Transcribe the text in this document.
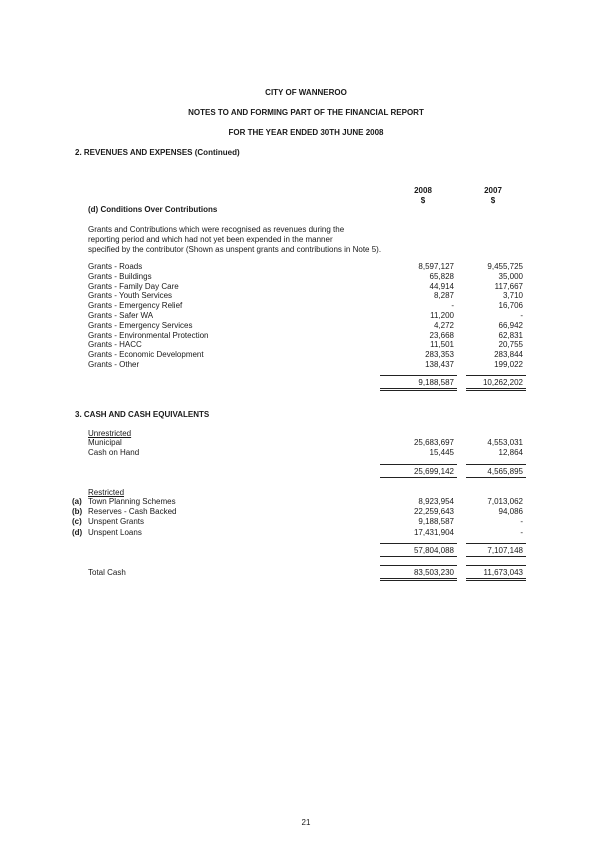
CITY OF WANNEROO
NOTES TO AND FORMING PART OF THE FINANCIAL REPORT
FOR THE YEAR ENDED 30TH JUNE 2008
2. REVENUES AND EXPENSES (Continued)
2008	2007
$	$
(d) Conditions Over Contributions
Grants and Contributions which were recognised as revenues during the
reporting period and which had not yet been expended in the manner
specified by the contributor (Shown as unspent grants and contributions in Note 5).
Grants - Roads	8,597,127	9,455,725
Grants - Buildings	65,828	35,000
Grants - Family Day Care	44,914	117,667
Grants - Youth Services	8,287	3,710
Grants - Emergency Relief	-	16,706
Grants - Safer WA	11,200	-
Grants - Emergency Services	4,272	66,942
Grants - Environmental Protection	23,668	62,831
Grants - HACC	11,501	20,755
Grants - Economic Development	283,353	283,844
Grants - Other	138,437	199,022
9,188,587	10,262,202
3. CASH AND CASH EQUIVALENTS
Unrestricted
Municipal	25,683,697	4,553,031
Cash on Hand	15,445	12,864
25,699,142	4,565,895
Restricted
(a) Town Planning Schemes	8,923,954	7,013,062
(b) Reserves - Cash Backed	22,259,643	94,086
(c) Unspent Grants	9,188,587	-
(d) Unspent Loans	17,431,904	-
57,804,088	7,107,148
Total Cash	83,503,230	11,673,043
21
